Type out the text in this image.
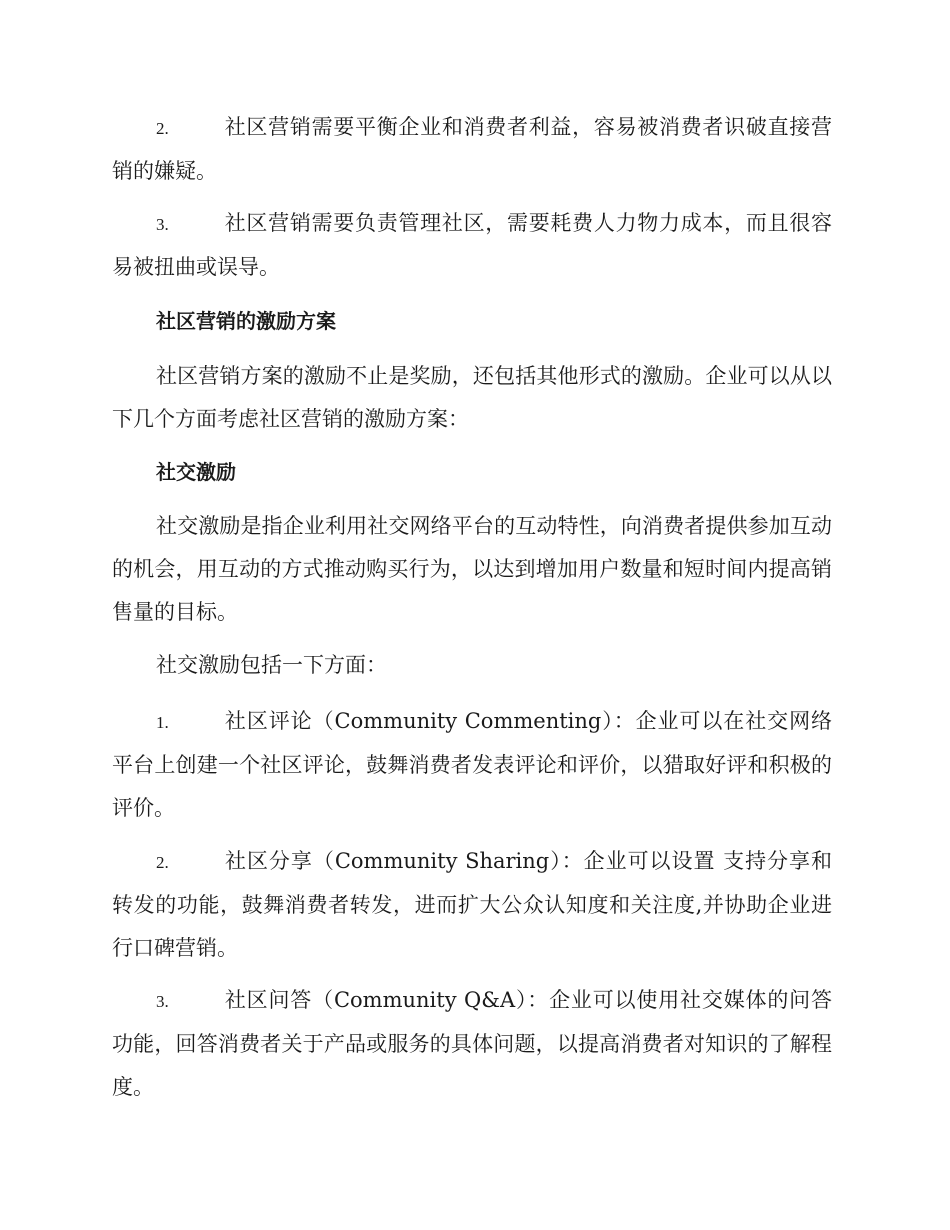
2.	社区营销需要平衡企业和消费者利益，容易被消费者识破直接营销的嫌疑。

3.	社区营销需要负责管理社区，需要耗费人力物力成本，而且很容易被扭曲或误导。

社区营销的激励方案

社区营销方案的激励不止是奖励，还包括其他形式的激励。企业可以从以下几个方面考虑社区营销的激励方案：

社交激励

社交激励是指企业利用社交网络平台的互动特性，向消费者提供参加互动的机会，用互动的方式推动购买行为，以达到增加用户数量和短时间内提高销售量的目标。

社交激励包括一下方面：

1.	社区评论（Community Commenting）：企业可以在社交网络平台上创建一个社区评论，鼓舞消费者发表评论和评价，以猎取好评和积极的评价。

2.	社区分享（Community Sharing）：企业可以设置 支持分享和转发的功能，鼓舞消费者转发，进而扩大公众认知度和关注度,并协助企业进行口碑营销。

3.	社区问答（Community Q&A）：企业可以使用社交媒体的问答功能，回答消费者关于产品或服务的具体问题，以提高消费者对知识的了解程度。
